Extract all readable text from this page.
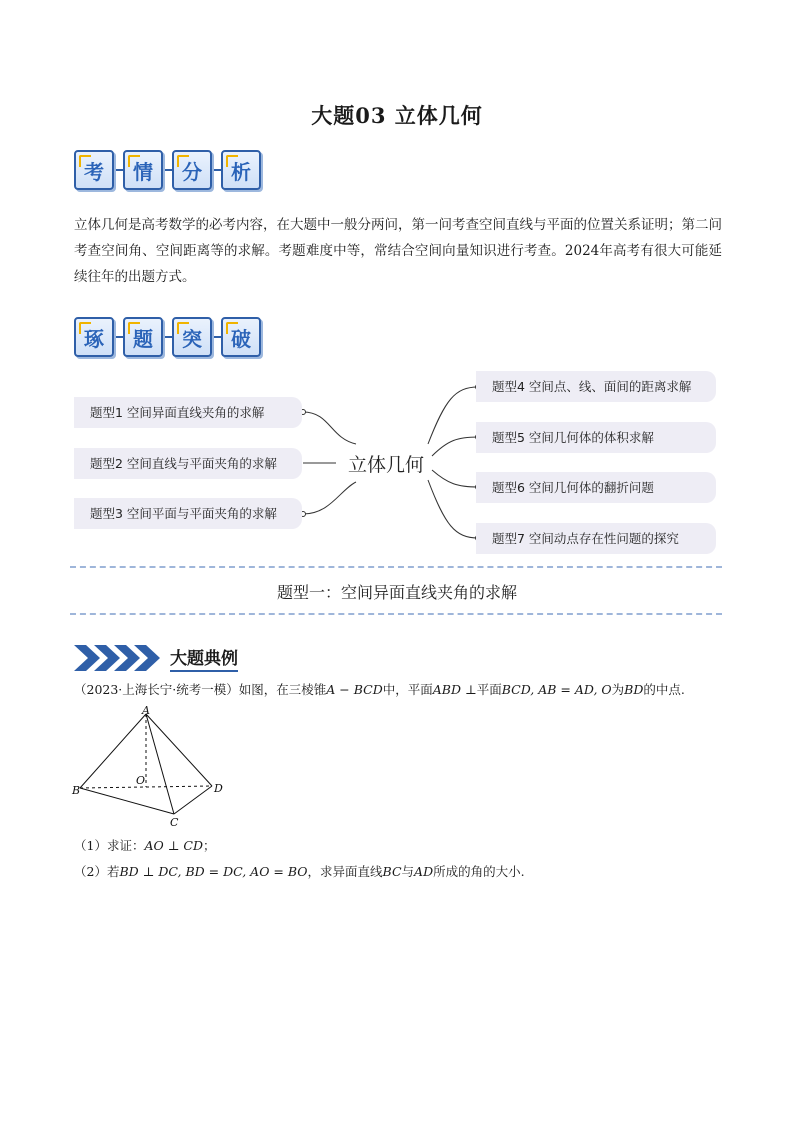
大题03 立体几何
考	情	分	析
立体几何是高考数学的必考内容，在大题中一般分两问，第一问考查空间直线与平面的位置关系证明；第二问考查空间角、空间距离等的求解。考题难度中等，常结合空间向量知识进行考查。2024年高考有很大可能延续往年的出题方式。
琢	题	突	破
题型1 空间异面直线夹角的求解
题型2 空间直线与平面夹角的求解
题型3 空间平面与平面夹角的求解
立体几何
题型4 空间点、线、面间的距离求解
题型5 空间几何体的体积求解
题型6 空间几何体的翻折问题
题型7 空间动点存在性问题的探究
题型一：空间异面直线夹角的求解
大题典例
（2023·上海长宁·统考一模）如图，在三棱锥A − BCD中，平面ABD ⊥平面BCD, AB = AD, O为BD的中点.
A
B
C
D
O
（1）求证：AO ⊥ CD；
（2）若BD ⊥ DC, BD = DC, AO = BO，求异面直线BC与AD所成的角的大小.
